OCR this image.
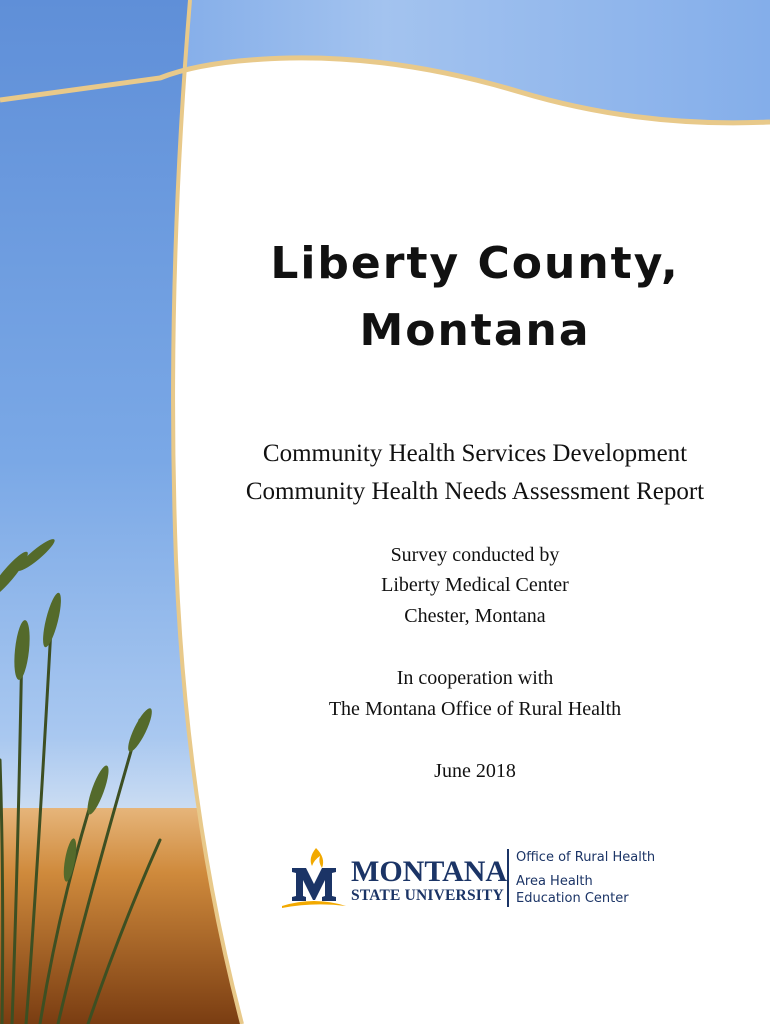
Liberty County,
Montana
Community Health Services Development
Community Health Needs Assessment Report
Survey conducted by
Liberty Medical Center
Chester, Montana
In cooperation with
The Montana Office of Rural Health
June 2018
MONTANA
STATE UNIVERSITY
Office of Rural Health
Area Health
Education Center
